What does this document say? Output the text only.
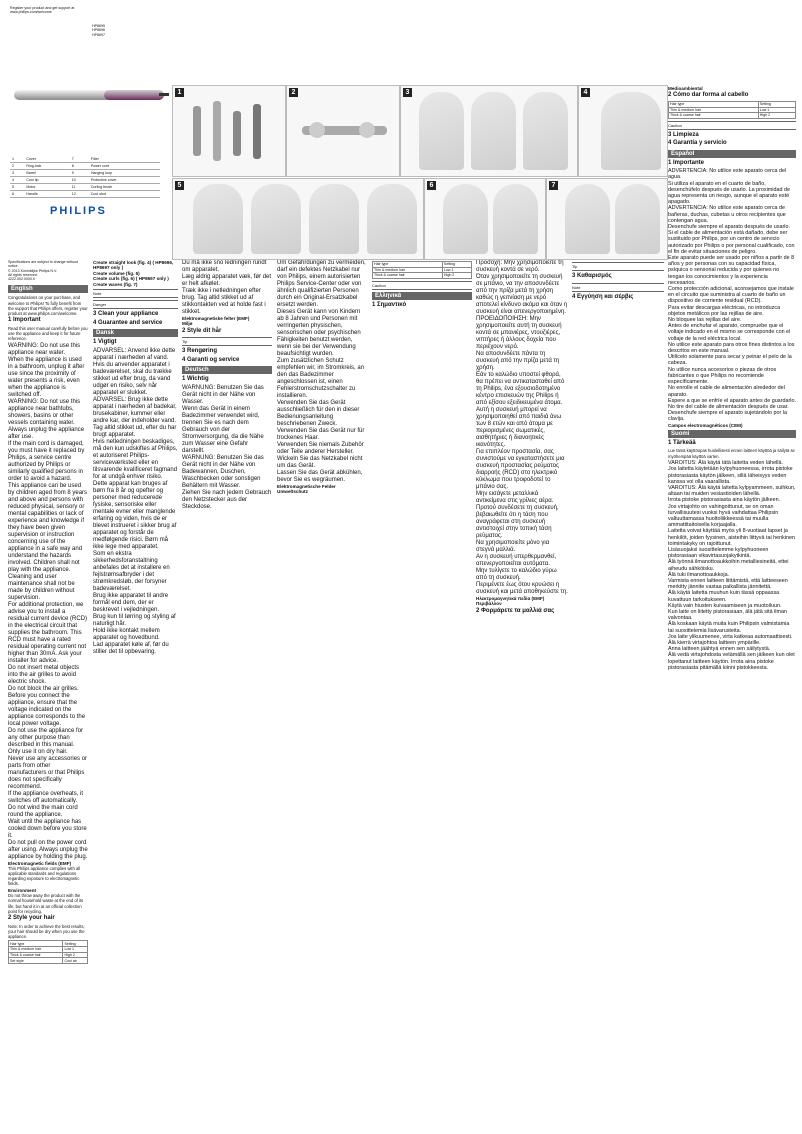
Register your product and get support at
www.philips.com/welcome
HP8695
HP8696
HP8697
1	Cover	7	Filter
2	Ring-lock	8	Power cord
3	Barrel	9	Hanging loop
4	Cool tip	10	Protective cover
5	Motor	11	Curling brush
6	Handle	12	Cool shot
PHILIPS
1	2	3	4
5	6	7
Specifications are subject to change without notice
© 2013 Koninklijke Philips N.V.
All rights reserved.
4222.002.0000.0
English

Congratulations on your purchase, and welcome to Philips! To fully benefit from the support that Philips offers, register your product at www.philips.com/welcome.

1 Important

Read this user manual carefully before you use the appliance and keep it for future reference.

WARNING: Do not use this appliance near water.
When the appliance is used in a bathroom, unplug it after use since the proximity of water presents a risk, even when the appliance is switched off.
WARNING: Do not use this appliance near bathtubs, showers, basins or other vessels containing water.
Always unplug the appliance after use.
If the main cord is damaged, you must have it replaced by Philips, a service centre authorized by Philips or similarly qualified persons in order to avoid a hazard.
This appliance can be used by children aged from 8 years and above and persons with reduced physical, sensory or mental capabilities or lack of experience and knowledge if they have been given supervision or instruction concerning use of the appliance in a safe way and understand the hazards involved. Children shall not play with the appliance. Cleaning and user maintenance shall not be made by children without supervision.
For additional protection, we advise you to install a residual current device (RCD) in the electrical circuit that supplies the bathroom. This RCD must have a rated residual operating current not higher than 30mA. Ask your installer for advice.
Do not insert metal objects into the air grilles to avoid electric shock.
Do not block the air grilles.
Before you connect the appliance, ensure that the voltage indicated on the appliance corresponds to the local power voltage.
Do not use the appliance for any other purpose than described in this manual.
Only use it on dry hair.
Never use any accessories or parts from other manufacturers or that Philips does not specifically recommend.
If the appliance overheats, it switches off automatically.
Do not wind the main cord round the appliance.
Wait until the appliance has cooled down before you store it.
Do not pull on the power cord after using. Always unplug the appliance by holding the plug.
Electromagnetic fields (EMF)

This Philips appliance complies with all applicable standards and regulations regarding exposure to electromagnetic fields.

Environment

Do not throw away the product with the normal household waste at the end of its life, but hand it in at an official collection point for recycling.

2 Style your hair

Note: In order to achieve the best results, your hair should be dry when you use the appliance.

Hair type	Setting
Thin & medium hair	Low 1
Thick & coarse hair	High 2
Set style	Cool air
Create straight look (fig. 4) ( HP8696, HP8697 only )
Create volume (fig. 5)
Create curls (fig. 6) ( HP8697 only )
Create waves (fig. 7)
Note
Danger
3 Clean your appliance
4 Guarantee and service
Dansk
1 Vigtigt
ADVARSEL: Anvend ikke dette apparat i nærheden af vand.
Hvis du anvender apparatet i badeværelset, skal du trække stikket ud efter brug, da vand udgør en risiko, selv når apparatet er slukket.
ADVARSEL: Brug ikke dette apparat i nærheden af badekar, brusekabiner, kummer eller andre kar, der indeholder vand.
Tag altid stikket ud, efter du har brugt apparatet.
Hvis netledningen beskadiges, må den kun udskiftes af Philips, et autoriseret Philips-serviceværksted eller en tilsvarende kvalificeret fagmand for at undgå enhver risiko.
Dette apparat kan bruges af børn fra 8 år og opefter og personer med reducerede fysiske, sensoriske eller mentale evner eller manglende erfaring og viden, hvis de er blevet instrueret i sikker brug af apparatet og forstår de medfølgende risici. Børn må ikke lege med apparatet.
Som en ekstra sikkerhedsforanstaltning anbefales det at installere en fejlstrømsafbryder i det strømkredsløb, der forsyner badeværelset.
Brug ikke apparatet til andre formål end dem, der er beskrevet i vejledningen.
Brug kun til tørring og styling af naturligt hår.
Hold ikke kontakt mellem apparatet og hovedbund.
Lad apparatet køle af, før du stiller det til opbevaring.
Du må ikke sno ledningen rundt om apparatet.
Læg aldrig apparatet væk, før det er helt afkølet.
Træk ikke i netledningen efter brug. Tag altid stikket ud af stikkontakten ved at holde fast i stikket.
Elektromagnetiske felter (EMF)
Miljø
2 Style dit hår
Tip
3 Rengøring
4 Garanti og service
Deutsch
1 Wichtig
WARNUNG: Benutzen Sie das Gerät nicht in der Nähe von Wasser.
Wenn das Gerät in einem Badezimmer verwendet wird, trennen Sie es nach dem Gebrauch von der Stromversorgung, da die Nähe zum Wasser eine Gefahr darstellt.
WARNUNG: Benutzen Sie das Gerät nicht in der Nähe von Badewannen, Duschen, Waschbecken oder sonstigen Behältern mit Wasser.
Ziehen Sie nach jedem Gebrauch den Netzstecker aus der Steckdose.
Um Gefährdungen zu vermeiden, darf ein defektes Netzkabel nur von Philips, einem autorisierten Philips Service-Center oder von ähnlich qualifizierten Personen durch ein Original-Ersatzkabel ersetzt werden.
Dieses Gerät kann von Kindern ab 8 Jahren und Personen mit verringerten physischen, sensorischen oder psychischen Fähigkeiten benutzt werden, wenn sie bei der Verwendung beaufsichtigt wurden.
Zum zusätzlichen Schutz empfehlen wir, im Stromkreis, an den das Badezimmer angeschlossen ist, einen Fehlerstromschutzschalter zu installieren.
Verwenden Sie das Gerät ausschließlich für den in dieser Bedienungsanleitung beschriebenen Zweck.
Verwenden Sie das Gerät nur für trockenes Haar.
Verwenden Sie niemals Zubehör oder Teile anderer Hersteller.
Wickeln Sie das Netzkabel nicht um das Gerät.
Lassen Sie das Gerät abkühlen, bevor Sie es wegräumen.
Elektromagnetische Felder
Umweltschutz
Hair type	Setting
Thin & medium hair	Low 1
Thick & coarse hair	High 2
Caution
Ελληνικά
1 Σημαντικό
Προσοχή: Μην χρησιμοποιείτε τη συσκευή κοντά σε νερό.
Όταν χρησιμοποιείτε τη συσκευή σε μπάνιο, να την αποσυνδέετε από την πρίζα μετά τη χρήση καθώς η γειτνίαση με νερό αποτελεί κίνδυνο ακόμα και όταν η συσκευή είναι απενεργοποιημένη.
ΠΡΟΕΙΔΟΠΟΙΗΣΗ: Μην χρησιμοποιείτε αυτή τη συσκευή κοντά σε μπανιέρες, ντουζιέρες, νιπτήρες ή άλλους δοχεία που περιέχουν νερό.
Να αποσυνδέετε πάντα τη συσκευή από την πρίζα μετά τη χρήση.
Εάν το καλώδιο υποστεί φθορά, θα πρέπει να αντικατασταθεί από τη Philips, ένα εξουσιοδοτημένο κέντρο επισκευών της Philips ή από εξίσου εξειδικευμένα άτομα.
Αυτή η συσκευή μπορεί να χρησιμοποιηθεί από παιδιά άνω των 8 ετών και από άτομα με περιορισμένες σωματικές, αισθητήριες ή διανοητικές ικανότητες.
Για επιπλέον προστασία, σας συνιστούμε να εγκαταστήσετε μια συσκευή προστασίας ρεύματος διαρροής (RCD) στο ηλεκτρικό κύκλωμα που τροφοδοτεί το μπάνιο σας.
Μην εισάγετε μεταλλικά αντικείμενα στις γρίλιες αέρα.
Προτού συνδέσετε τη συσκευή, βεβαιωθείτε ότι η τάση που αναγράφεται στη συσκευή αντιστοιχεί στην τοπική τάση ρεύματος.
Να χρησιμοποιείτε μόνο για στεγνά μαλλιά.
Αν η συσκευή υπερθερμανθεί, απενεργοποιείται αυτόματα.
Μην τυλίγετε το καλώδιο γύρω από τη συσκευή.
Περιμένετε έως ότου κρυώσει η συσκευή και μετά αποθηκεύστε τη.
Ηλεκτρομαγνητικά πεδία (EMF)
Περιβάλλον
2 Φορμάρετε τα μαλλιά σας
Tip
3 Καθαρισμός
Note
4 Εγγύηση και σέρβις
Medioambiental
2 Cómo dar forma al cabello
Hair type	Setting
Thin & medium hair	Low 1
Thick & coarse hair	High 2
Caution
3 Limpieza
4 Garantía y servicio
Español
1 Importante
ADVERTENCIA: No utilice este aparato cerca del agua.
Si utiliza el aparato en el cuarto de baño, desenchúfelo después de usarlo. La proximidad de agua representa un riesgo, aunque el aparato esté apagado.
ADVERTENCIA: No utilice este aparato cerca de bañeras, duchas, cubetas u otros recipientes que contengan agua.
Desenchufe siempre el aparato después de usarlo.
Si el cable de alimentación está dañado, debe ser sustituido por Philips, por un centro de servicio autorizado por Philips o por personal cualificado, con el fin de evitar situaciones de peligro.
Este aparato puede ser usado por niños a partir de 8 años y por personas con su capacidad física, psíquica o sensorial reducida y por quienes no tengan los conocimientos y la experiencia necesarios.
Como protección adicional, aconsejamos que instale en el circuito que suministra al cuarto de baño un dispositivo de corriente residual (RCD).
Para evitar descargas eléctricas, no introduzca objetos metálicos por las rejillas de aire.
No bloquee las rejillas del aire.
Antes de enchufar el aparato, compruebe que el voltaje indicado en el mismo se corresponde con el voltaje de la red eléctrica local.
No utilice este aparato para otros fines distintos a los descritos en este manual.
Utilícelo solamente para secar y peinar el pelo de la cabeza.
No utilice nunca accesorios o piezas de otros fabricantes o que Philips no recomiende específicamente.
No enrolle el cable de alimentación alrededor del aparato.
Espere a que se enfríe el aparato antes de guardarlo.
No tire del cable de alimentación después de usar. Desenchufe siempre el aparato sujetándolo por la clavija.
Campos electromagnéticos (CEM)
Suomi
1 Tärkeää

Lue tämä käyttöopas huolellisesti ennen laitteen käyttöä ja säilytä se myöhempää käyttöä varten.

VAROITUS: Älä käytä tätä laitetta veden lähellä.
Jos laitetta käytetään kylpyhuoneessa, irrota pistoke pistorasiasta käytön jälkeen, sillä läheisyys veden kanssa voi olla vaarallista.
VAROITUS: Älä käytä laitetta kylpyammeen, suihkun, altaan tai muiden vesiastioiden lähellä.
Irrota pistoke pistorasiasta aina käytön jälkeen.
Jos virtajohto on vahingoittunut, se on oman turvallisuutesi vuoksi hyvä vaihdattaa Philipsin valtuuttamassa huoltoliikkeessä tai muulla ammattitaitoisella korjaajalla.
Laitetta voivat käyttää myös yli 8-vuotiaat lapset ja henkilöt, joiden fyysinen, aisteihin liittyvä tai henkinen toimintakyky on rajoittunut.
Lisäsuojaksi suosittelemme kylpyhuoneen pistorasiaan vikavirtasuojakytkintä.
Älä työnnä ilmanottoaukkoihin metalliesineitä, ettei aiheudu sähköisku.
Älä tuki ilmanottoaukkoja.
Varmista ennen laitteen liittämistä, että laitteeseen merkitty jännite vastaa paikallista jännitettä.
Älä käytä laitetta muuhun kuin tässä oppaassa kuvattuun tarkoitukseen.
Käytä vain hiusten kuivaamiseen ja muotoiluun.
Kun laite on liitetty pistorasiaan, älä jätä sitä ilman valvontaa.
Älä koskaan käytä muita kuin Philipsin valmistamia tai suosittelemia lisävarusteita.
Jos laite ylikuumenee, virta katkeaa automaattisesti.
Älä kierrä virtajohtoa laitteen ympärille.
Anna laitteen jäähtyä ennen sen säilytystä.
Älä vedä virtajohdosta vetämällä sen jälkeen kun olet lopettanut laitteen käytön. Irrota aina pistoke pistorasiasta pitämällä kiinni pistokkeesta.
